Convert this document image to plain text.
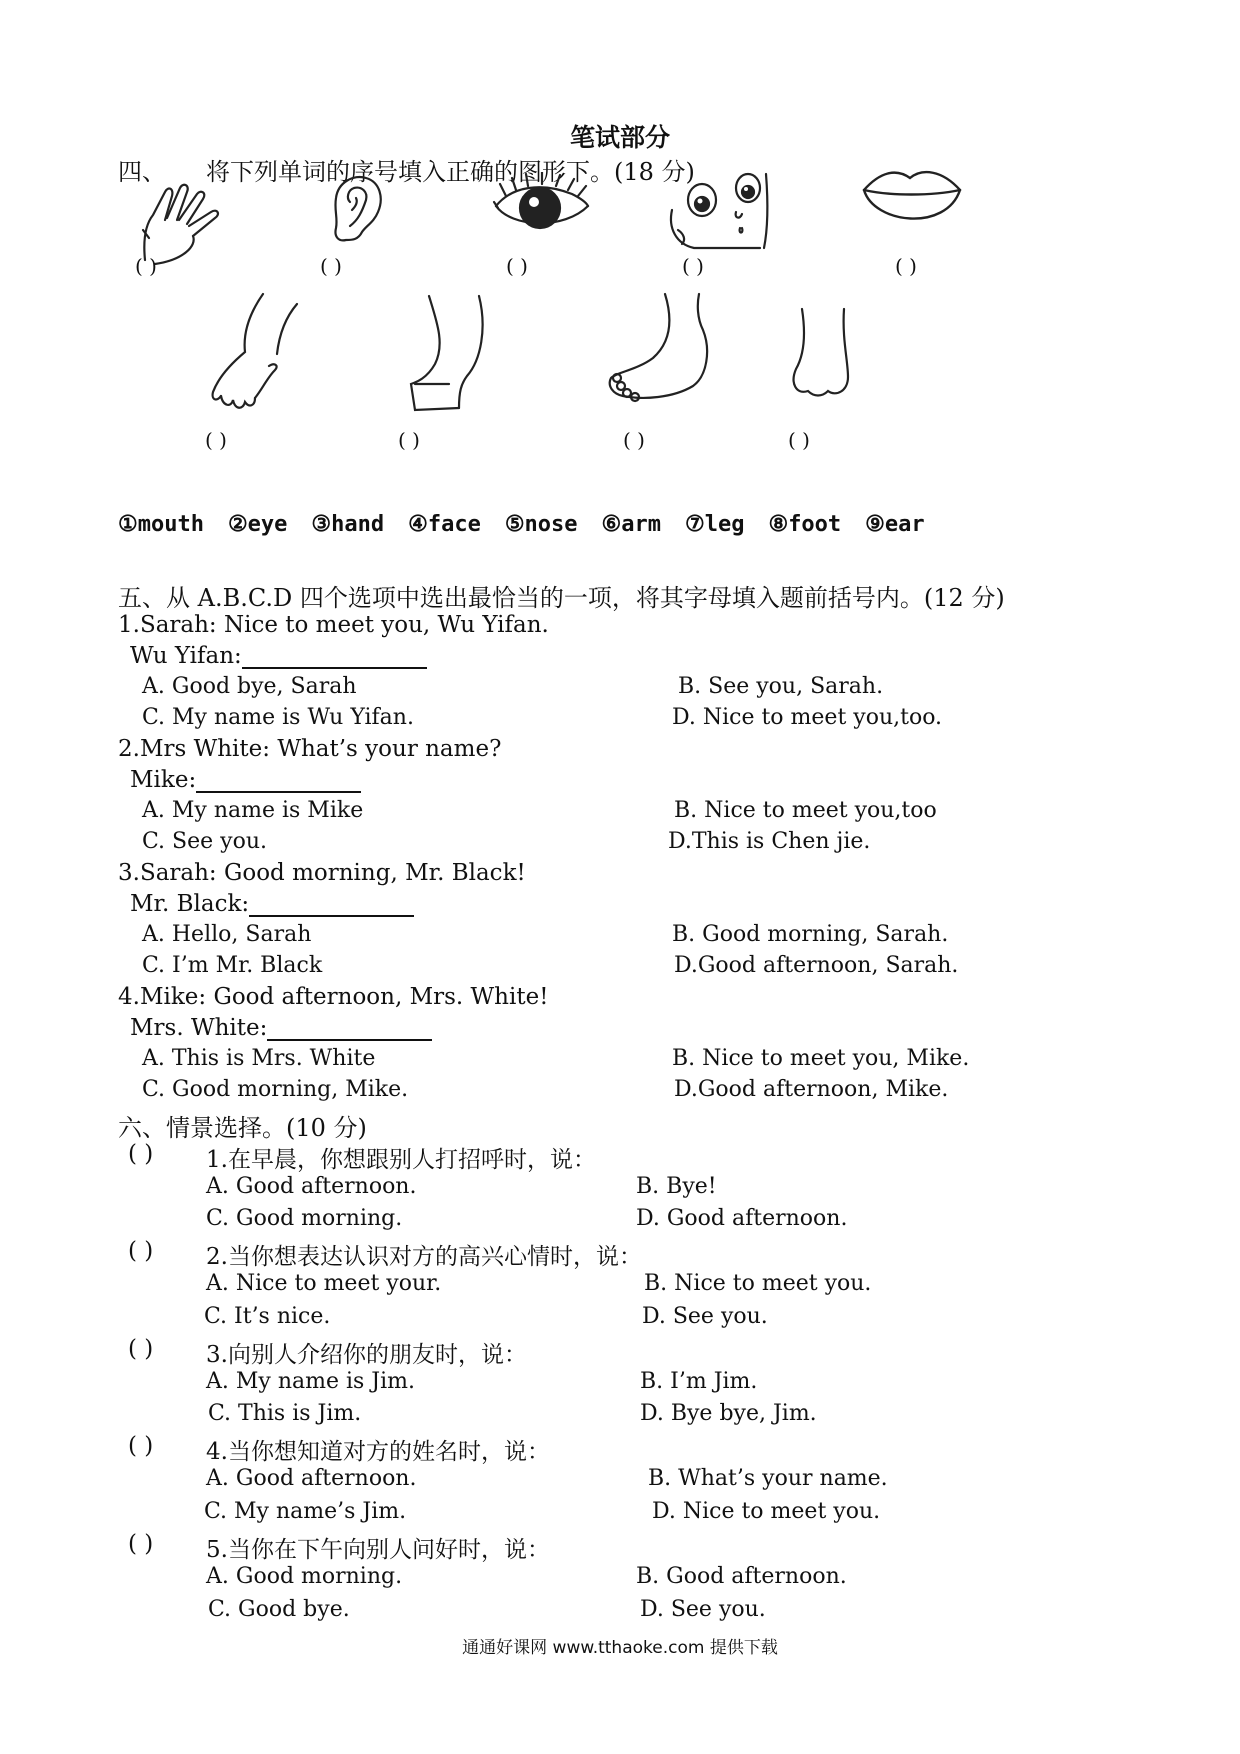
笔试部分
四、 将下列单词的序号填入正确的图形下。(18 分)
( )	( )	( )	( )	( )
( )	( )	( )	( )
①mouth ②eye ③hand ④face ⑤nose ⑥arm ⑦leg ⑧foot ⑨ear
五、从 A.B.C.D 四个选项中选出最恰当的一项，将其字母填入题前括号内。(12 分)
1.Sarah: Nice to meet you, Wu Yifan.
Wu Yifan:
A. Good bye, Sarah	B. See you, Sarah.
C. My name is Wu Yifan.	D. Nice to meet you,too.
2.Mrs White: What’s your name?
Mike:
A. My name is Mike	B. Nice to meet you,too
C. See you.	D.This is Chen jie.
3.Sarah: Good morning, Mr. Black!
Mr. Black:
A. Hello, Sarah	B. Good morning, Sarah.
C. I’m Mr. Black	D.Good afternoon, Sarah.
4.Mike: Good afternoon, Mrs. White!
Mrs. White:
A. This is Mrs. White	B. Nice to meet you, Mike.
C. Good morning, Mike.	D.Good afternoon, Mike.
六、情景选择。(10 分)
( ) 1.在早晨，你想跟别人打招呼时，说：
A. Good afternoon.	B. Bye!
C. Good morning.	D. Good afternoon.
( ) 2.当你想表达认识对方的高兴心情时，说：
A. Nice to meet your.	B. Nice to meet you.
C. It’s nice.	D. See you.
( ) 3.向别人介绍你的朋友时，说：
A. My name is Jim.	B. I’m Jim.
C. This is Jim.	D. Bye bye, Jim.
( ) 4.当你想知道对方的姓名时，说：
A. Good afternoon.	B. What’s your name.
C. My name’s Jim.	D. Nice to meet you.
( ) 5.当你在下午向别人问好时，说：
A. Good morning.	B. Good afternoon.
C. Good bye.	D. See you.
通通好课网 www.tthaoke.com 提供下载
